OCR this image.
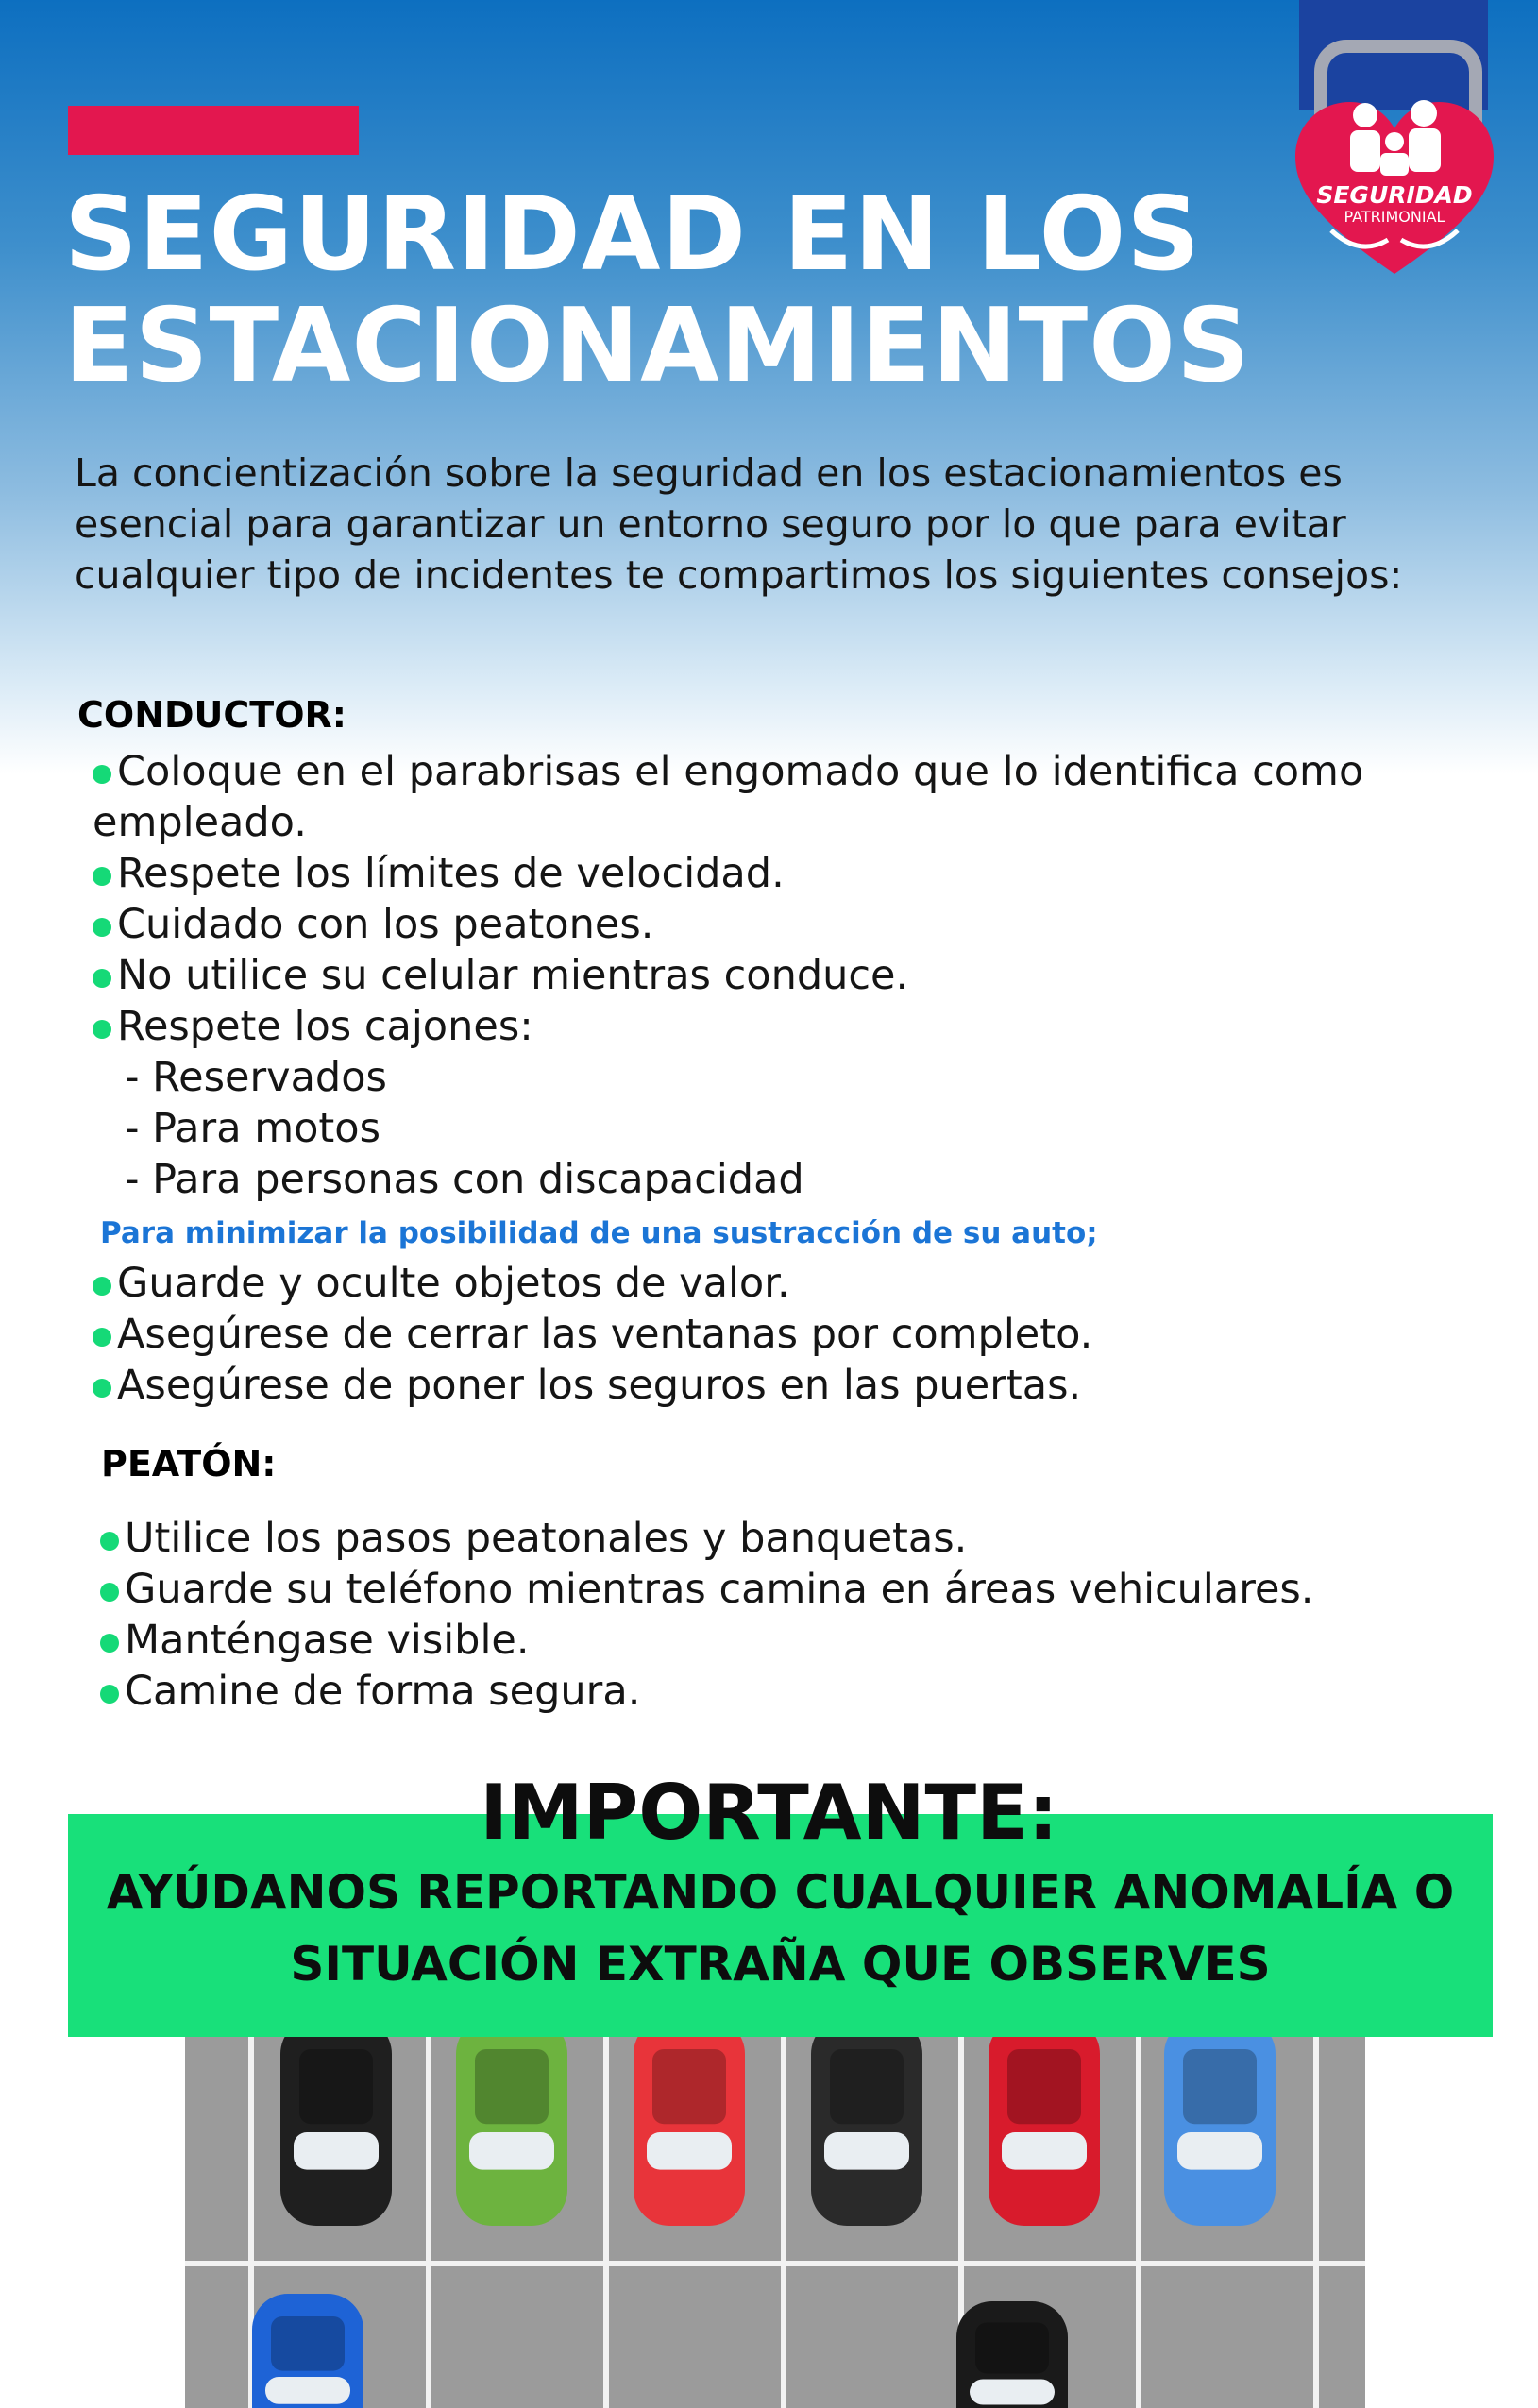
SEGURIDAD EN LOS
ESTACIONAMIENTOS
SEGURIDAD
PATRIMONIAL

La concientización sobre la seguridad en los estacionamientos es esencial para garantizar un entorno seguro por lo que para evitar cualquier tipo de incidentes te compartimos los siguientes consejos:

CONDUCTOR:
Coloque en el parabrisas el engomado que lo identifica como
empleado.
Respete los límites de velocidad.
Cuidado con los peatones.
No utilice su celular mientras conduce.
Respete los cajones:

- Reservados

- Para motos

- Para personas con discapacidad

Para minimizar la posibilidad de una sustracción de su auto;

Guarde y oculte objetos de valor.
Asegúrese de cerrar las ventanas por completo.
Asegúrese de poner los seguros en las puertas.
PEATÓN:
Utilice los pasos peatonales y banquetas.
Guarde su teléfono mientras camina en áreas vehiculares.
Manténgase visible.
Camine de forma segura.
IMPORTANTE:

AYÚDANOS REPORTANDO CUALQUIER ANOMALÍA O
SITUACIÓN EXTRAÑA QUE OBSERVES
